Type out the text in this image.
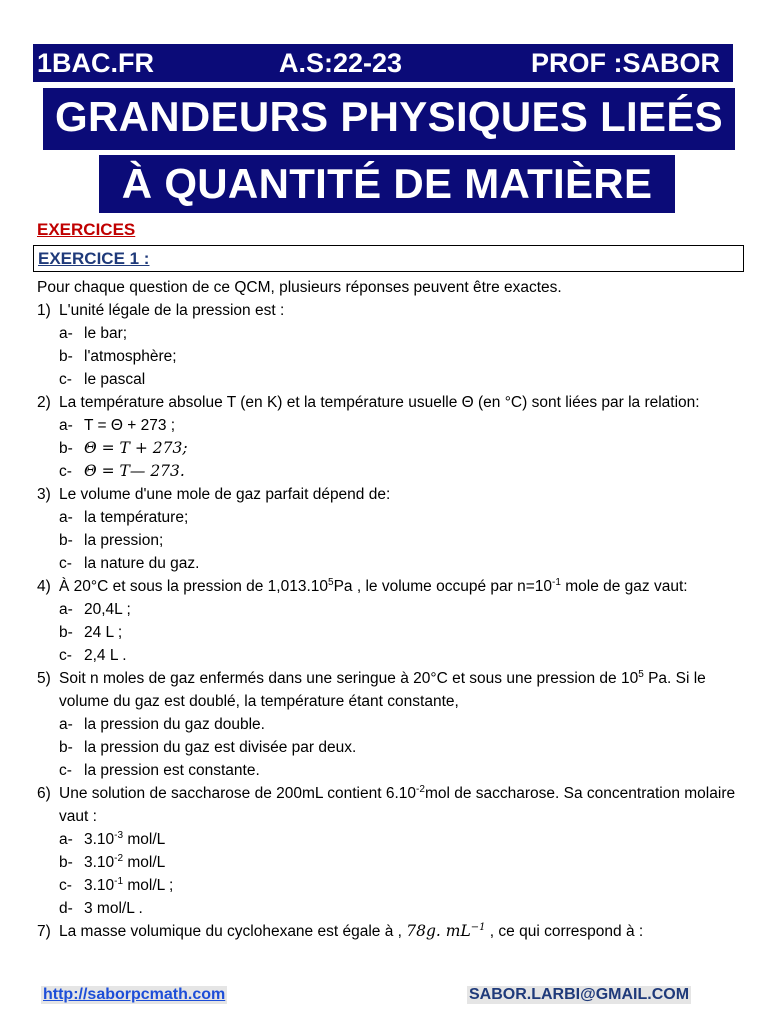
1BAC.FR	A.S:22-23	PROF :SABOR
GRANDEURS PHYSIQUES LIEÉS
À QUANTITÉ DE MATIÈRE
EXERCICES
EXERCICE 1 :
Pour chaque question de ce QCM, plusieurs réponses peuvent être exactes.
1) L'unité légale de la pression est :
a- le bar;
b- l'atmosphère;
c- le pascal
2) La température absolue T (en K) et la température usuelle Θ (en °C) sont liées par la relation:
a- T = Θ + 273 ;
b- Θ = T + 273;
c- Θ = T— 273.
3) Le volume d'une mole de gaz parfait dépend de:
a- la température;
b- la pression;
c- la nature du gaz.
4) À 20°C et sous la pression de 1,013.10$^5$Pa , le volume occupé par $n=10^{-1}$ mole de gaz vaut:
a- 20,4L ;
b- 24 L ;
c- 2,4 L .
5) Soit n moles de gaz enfermés dans une seringue à 20°C et sous une pression de $10^5$ Pa. Si le volume du gaz est doublé, la température étant constante,
a- la pression du gaz double.
b- la pression du gaz est divisée par deux.
c- la pression est constante.
6) Une solution de saccharose de 200mL contient $6.10^{-2}mol$ de saccharose. Sa concentration molaire vaut :
a- $3.10^{-3}$ mol/L
b- $3.10^{-2}$ mol/L
c- $3.10^{-1}$ mol/L ;
d- 3 mol/L .
7) La masse volumique du cyclohexane est égale à , 78g. $mL^{-1}$ , ce qui correspond à :
http://saborpcmath.com	SABOR.LARBI@GMAIL.COM
